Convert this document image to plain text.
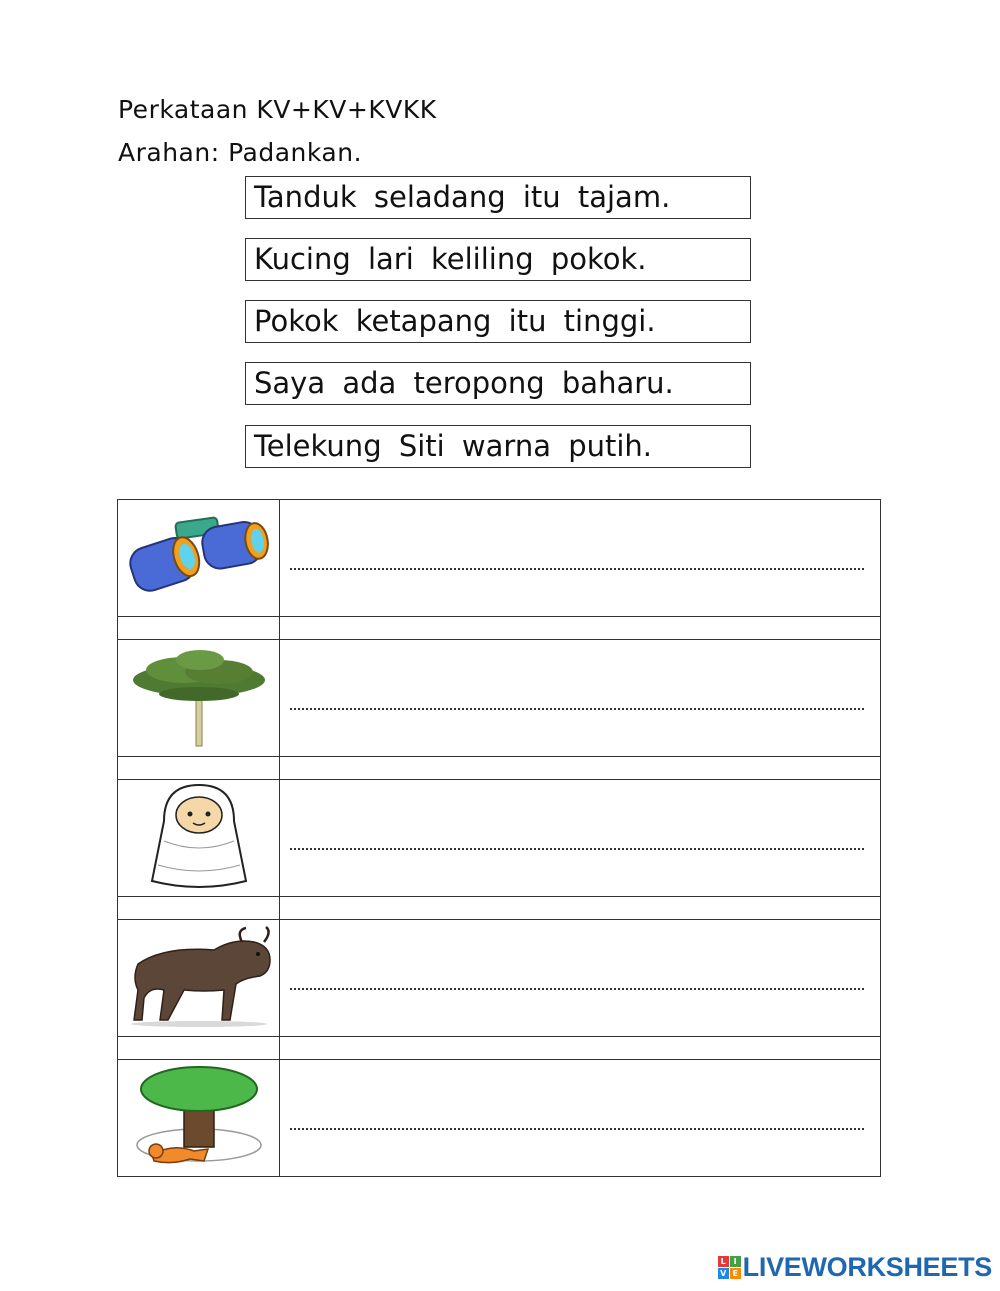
Perkataan KV+KV+KVKK
Arahan: Padankan.
Tanduk seladang itu tajam.
Kucing lari keliling pokok.
Pokok ketapang itu tinggi.
Saya ada teropong baharu.
Telekung Siti warna putih.

L I
V E LIVEWORKSHEETS
